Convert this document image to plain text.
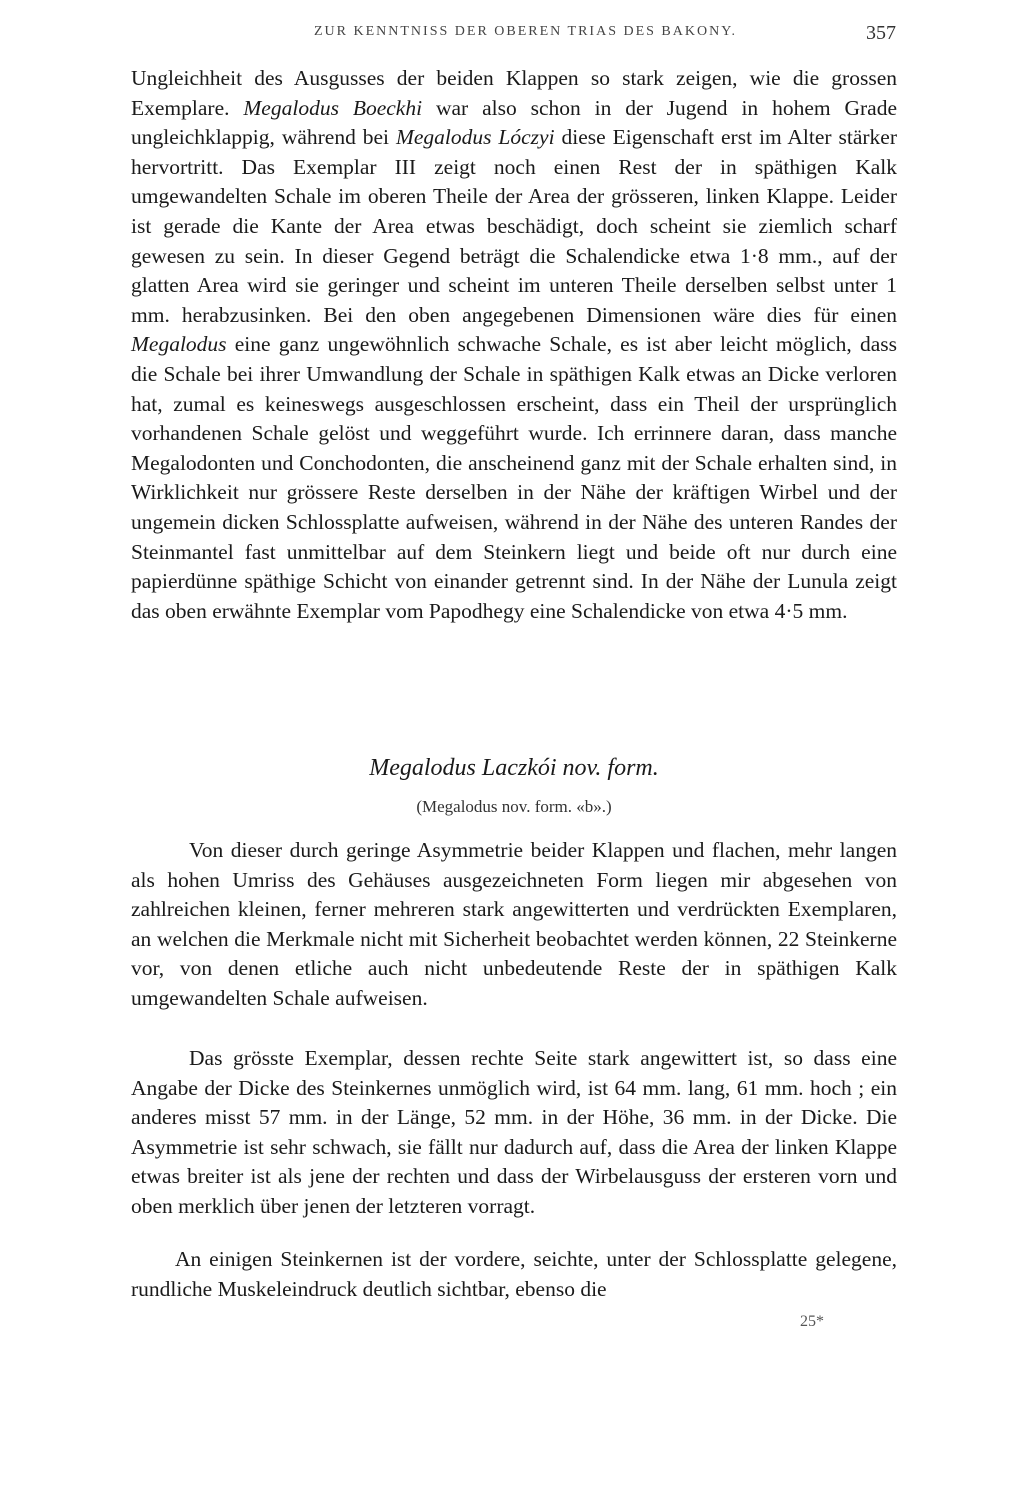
ZUR KENNTNISS DER OBEREN TRIAS DES BAKONY.	357
Ungleichheit des Ausgusses der beiden Klappen so stark zeigen, wie die grossen Exemplare. Megalodus Boeckhi war also schon in der Jugend in hohem Grade ungleichklappig, während bei Megalodus Lóczyi diese Eigenschaft erst im Alter stärker hervortritt. Das Exemplar III zeigt noch einen Rest der in späthigen Kalk umgewandelten Schale im oberen Theile der Area der grösseren, linken Klappe. Leider ist gerade die Kante der Area etwas beschädigt, doch scheint sie ziemlich scharf gewesen zu sein. In dieser Gegend beträgt die Schalendicke etwa 1·8 mm., auf der glatten Area wird sie geringer und scheint im unteren Theile derselben selbst unter 1 mm. herabzusinken. Bei den oben angegebenen Dimensionen wäre dies für einen Megalodus eine ganz ungewöhnlich schwache Schale, es ist aber leicht möglich, dass die Schale bei ihrer Umwandlung der Schale in späthigen Kalk etwas an Dicke verloren hat, zumal es keineswegs ausgeschlossen erscheint, dass ein Theil der ursprünglich vorhandenen Schale gelöst und weggeführt wurde. Ich errinnere daran, dass manche Megalodonten und Conchodonten, die anscheinend ganz mit der Schale erhalten sind, in Wirklichkeit nur grössere Reste derselben in der Nähe der kräftigen Wirbel und der ungemein dicken Schlossplatte aufweisen, während in der Nähe des unteren Randes der Steinmantel fast unmittelbar auf dem Steinkern liegt und beide oft nur durch eine papierdünne späthige Schicht von einander getrennt sind. In der Nähe der Lunula zeigt das oben erwähnte Exemplar vom Papodhegy eine Schalendicke von etwa 4·5 mm.
Megalodus Laczkói nov. form.
(Megalodus nov. form. «b».)
Von dieser durch geringe Asymmetrie beider Klappen und flachen, mehr langen als hohen Umriss des Gehäuses ausgezeichneten Form liegen mir abgesehen von zahlreichen kleinen, ferner mehreren stark angewitterten und verdrückten Exemplaren, an welchen die Merkmale nicht mit Sicherheit beobachtet werden können, 22 Steinkerne vor, von denen etliche auch nicht unbedeutende Reste der in späthigen Kalk umgewandelten Schale aufweisen.
Das grösste Exemplar, dessen rechte Seite stark angewittert ist, so dass eine Angabe der Dicke des Steinkernes unmöglich wird, ist 64 mm. lang, 61 mm. hoch ; ein anderes misst 57 mm. in der Länge, 52 mm. in der Höhe, 36 mm. in der Dicke. Die Asymmetrie ist sehr schwach, sie fällt nur dadurch auf, dass die Area der linken Klappe etwas breiter ist als jene der rechten und dass der Wirbelausguss der ersteren vorn und oben merklich über jenen der letzteren vorragt.
An einigen Steinkernen ist der vordere, seichte, unter der Schlossplatte gelegene, rundliche Muskeleindruck deutlich sichtbar, ebenso die
25*
